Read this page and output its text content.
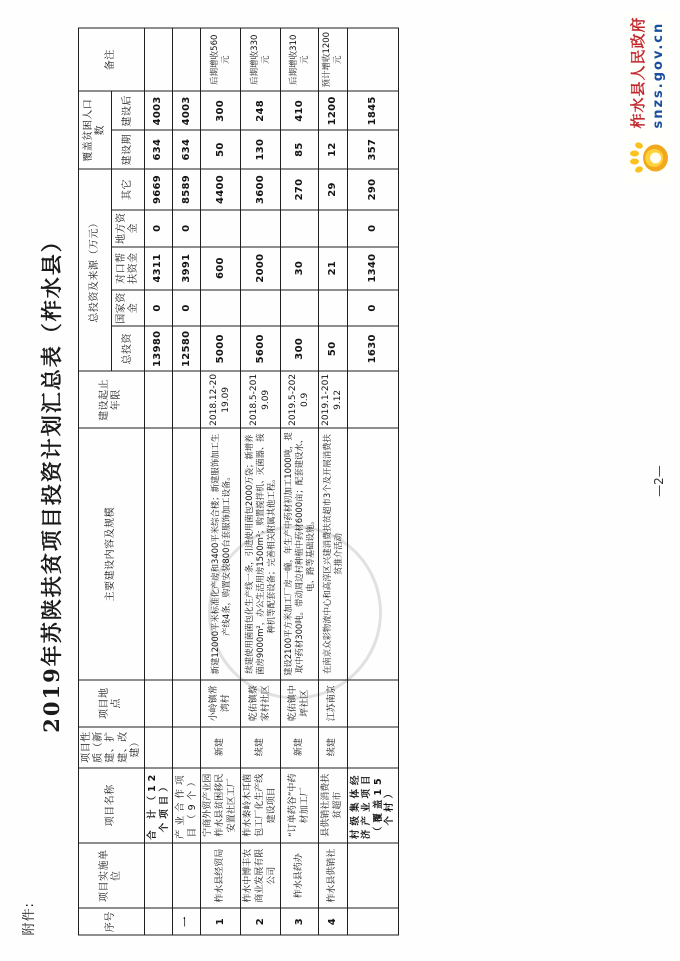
附件:
2019年苏陕扶贫项目投资计划汇总表（柞水县）
序号	项目实施单位	项目名称	项目性质（新建、扩建、改建）	项目地点	主要建设内容及规模	建设起止年限	总投资及来源（万元）					覆盖贫困人口数		备注
							总投资	国家资金	对口帮扶资金	地方资金	其它	建设期	建设后	
		合 计（12个项目）					13980	0	4311	0	9669	634	4003	
一		产业合作项目（9个）					12580	0	3991	0	8589	634	4003	
1	柞水县经贸局	宁商外贸产业园柞水县贫困移民安置社区工厂	新建	小岭镇常湾村	新建12000平米标准化产房和3400平米综合楼；新建服饰加工生产线4条，购置安装800台套服饰加工设备。	2018.12-2019.09	5000		600		4400	50	300	后期增收560元
2	柞水中博丰农商业发展有限公司	柞水秦岭木耳菌包工厂化生产线建设项目	续建	乾佑镇蔡家村社区	续建使用菌菌包化生产线一条，引进使用菌包2000万袋；新增养菌房9000m²，办公生活用房1500m²；购置搅拌机、灭菌器、接种机等配套设备；完善相关附属其他工程。	2018.5-2019.09	5600		2000		3600	130	248	后期增收330元
3	柞水县药办	“订单药谷”中药材加工厂	新建	乾佑镇中坪社区	建设2100平方米加工厂房一幢，年生产中药材初加工1000吨，提取中药材300吨。带动周边村种植中药材6000亩；配套建设水、电、路等基础设施。	2019.5-2020.9	300		30		270	85	410	后期增收310元
4	柞水县供销社	县供销社消费扶贫超市	续建	江苏南京	在南京众彩物流中心和高淳区兴建消费扶贫超市3个及开展消费扶贫推介活动	2019.1-2019.12	50		21		29	12	1200	预计增收1200元
		村级集体经济产业项目（覆盖15个村）					1630	0	1340	0	290	357	1845	
—2—
柞水县人民政府 snzs.gov.cn
